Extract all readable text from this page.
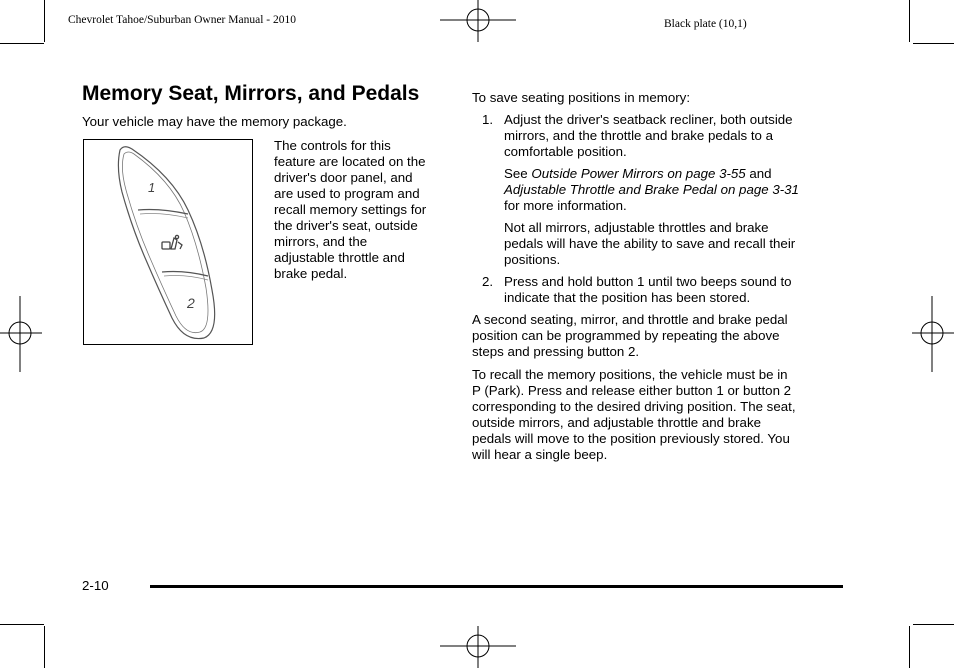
Chevrolet Tahoe/Suburban Owner Manual - 2010	Black plate (10,1)
Memory Seat, Mirrors, and Pedals
Your vehicle may have the memory package.
1
2
The controls for this
feature are located on the
driver's door panel, and
are used to program and
recall memory settings for
the driver's seat, outside
mirrors, and the
adjustable throttle and
brake pedal.
To save seating positions in memory:
1. Adjust the driver's seatback recliner, both outside
mirrors, and the throttle and brake pedals to a
comfortable position.
See Outside Power Mirrors on page 3-55 and
Adjustable Throttle and Brake Pedal on page 3-31
for more information.
Not all mirrors, adjustable throttles and brake
pedals will have the ability to save and recall their
positions.
2. Press and hold button 1 until two beeps sound to
indicate that the position has been stored.
A second seating, mirror, and throttle and brake pedal
position can be programmed by repeating the above
steps and pressing button 2.
To recall the memory positions, the vehicle must be in
P (Park). Press and release either button 1 or button 2
corresponding to the desired driving position. The seat,
outside mirrors, and adjustable throttle and brake
pedals will move to the position previously stored. You
will hear a single beep.
2-10
